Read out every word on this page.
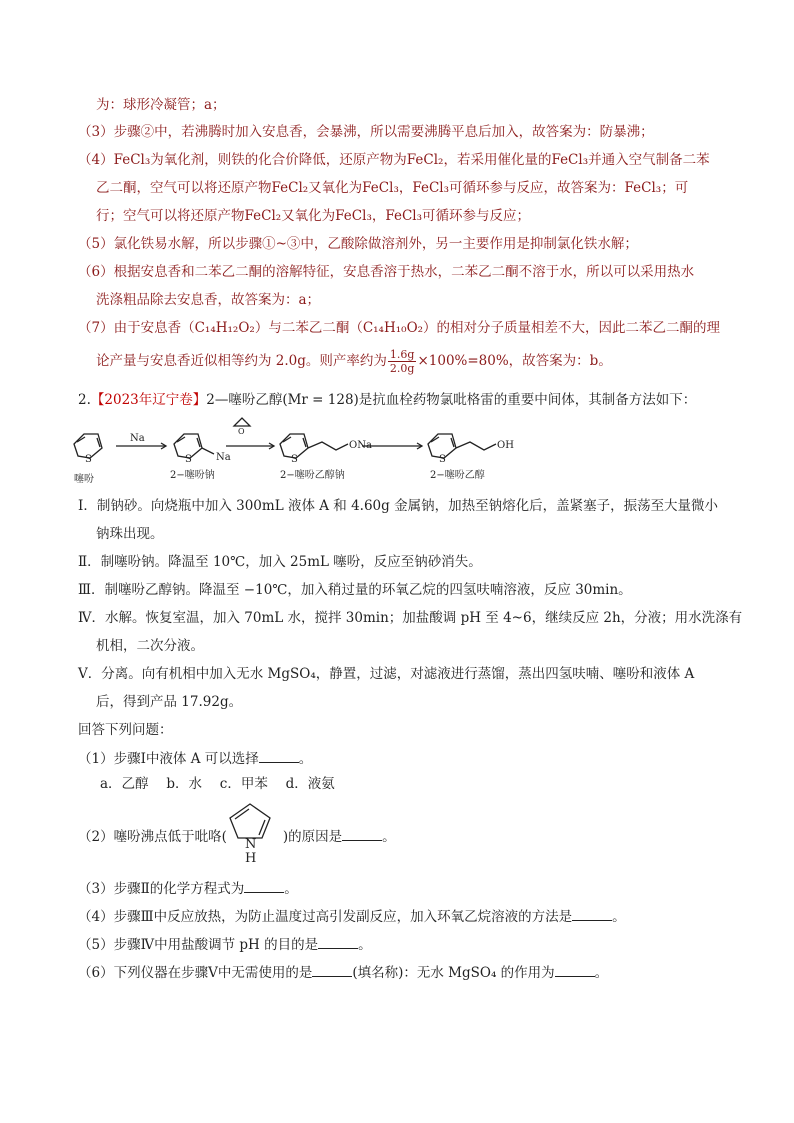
为：球形冷凝管；a；
（3）步骤②中，若沸腾时加入安息香，会暴沸，所以需要沸腾平息后加入，故答案为：防暴沸；
（4）FeCl₃为氧化剂，则铁的化合价降低，还原产物为FeCl₂，若采用催化量的FeCl₃并通入空气制备二苯
乙二酮，空气可以将还原产物FeCl₂又氧化为FeCl₃，FeCl₃可循环参与反应，故答案为：FeCl₃；可
行；空气可以将还原产物FeCl₂又氧化为FeCl₃，FeCl₃可循环参与反应；
（5）氯化铁易水解，所以步骤①~③中，乙酸除做溶剂外，另一主要作用是抑制氯化铁水解；
（6）根据安息香和二苯乙二酮的溶解特征，安息香溶于热水，二苯乙二酮不溶于水，所以可以采用热水
洗涤粗品除去安息香，故答案为：a；
（7）由于安息香（C₁₄H₁₂O₂）与二苯乙二酮（C₁₄H₁₀O₂）的相对分子质量相差不大，因此二苯乙二酮的理
论产量与安息香近似相等约为 2.0g。则产率约为 $\frac{1.6g}{2.0g} \times 100\%=80\%$，故答案为：b。
2.【2023年辽宁卷】2—噻吩乙醇(Mr = 128)是抗血栓药物氯吡格雷的重要中间体，其制备方法如下：
S	S	S	S
Na
Na
O
ONa	OH
噻吩	2−噻吩钠	2−噻吩乙醇钠	2−噻吩乙醇
Ⅰ．制钠砂。向烧瓶中加入 300mL 液体 A 和 4.60g 金属钠，加热至钠熔化后，盖紧塞子，振荡至大量微小
钠珠出现。
Ⅱ．制噻吩钠。降温至 10℃，加入 25mL 噻吩，反应至钠砂消失。
Ⅲ．制噻吩乙醇钠。降温至 −10℃，加入稍过量的环氧乙烷的四氢呋喃溶液，反应 30min。
Ⅳ．水解。恢复室温，加入 70mL 水，搅拌 30min；加盐酸调 pH 至 4~6，继续反应 2h，分液；用水洗涤有
机相，二次分液。
Ⅴ．分离。向有机相中加入无水 MgSO₄，静置，过滤，对滤液进行蒸馏，蒸出四氢呋喃、噻吩和液体 A
后，得到产品 17.92g。
回答下列问题：
（1）步骤Ⅰ中液体 A 可以选择	。
a．乙醇　 b．水　 c．甲苯　 d．液氨
（2）噻吩沸点低于吡咯(	)的原因是	。
N
H
（3）步骤Ⅱ的化学方程式为	。
（4）步骤Ⅲ中反应放热，为防止温度过高引发副反应，加入环氧乙烷溶液的方法是	。
（5）步骤Ⅳ中用盐酸调节 pH 的目的是	。
（6）下列仪器在步骤Ⅴ中无需使用的是	(填名称)：无水 MgSO₄ 的作用为	。
